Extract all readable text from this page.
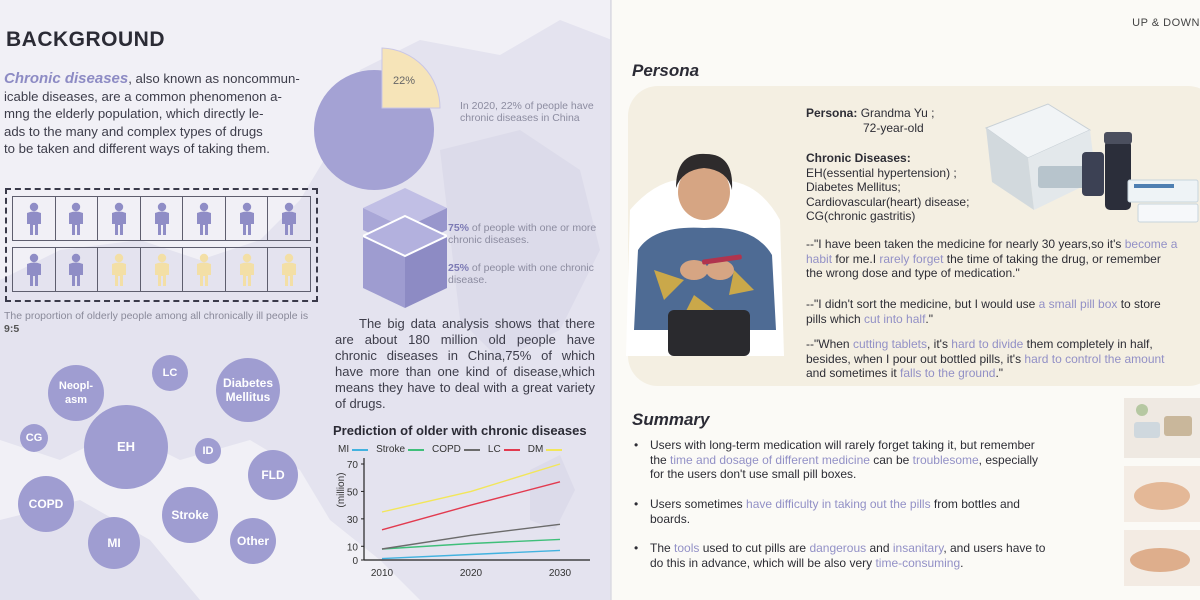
BACKGROUND
Chronic diseases, also known as noncommun-
icable diseases, are a common phenomenon a-
mng the elderly population, which directly le-
ads to the many and complex types of drugs
to be taken and different ways of taking them.
22%
In 2020, 22% of people have chronic diseases in China
75% of people with one or more chronic diseases.
25% of people with one chronic disease.
The proportion of olderly people among all chronically ill people is 9:5
Neopl-
asm
LC
Diabetes
Mellitus
CG
EH	ID
FLD
COPD
Stroke
MI	Other
The big data analysis shows that there are about 180 million old people have chronic diseases in China,75% of which have more than one kind of disease,which means they have to deal with a great variety of drugs.
Prediction of older with chronic diseases
MI	Stroke	COPD	LC	DM
0
10
30
50
70
2010	2020	2030
(million)
UP & DOWN
Persona
Persona: Grandma Yu ;
72-year-old
Chronic Diseases:
EH(essential hypertension) ;
Diabetes Mellitus;
Cardiovascular(heart) disease;
CG(chronic gastritis)
--"I have been taken the medicine for nearly 30 years,so it's become a
habit for me.I rarely forget the time of taking the drug, or remember
the wrong dose and type of medication."
--"I didn't sort the medicine, but I would use a small pill box to store
pills which cut into half."
--"When cutting tablets, it's hard to divide them completely in half,
besides, when I pour out bottled pills, it's hard to control the amount
and sometimes it falls to the ground."
Summary
• Users with long-term medication will rarely forget taking it, but remember
the time and dosage of different medicine can be troublesome, especially
for the users don't use small pill boxes.
• Users sometimes have difficulty in taking out the pills from bottles and
boards.
• The tools used to cut pills are dangerous and insanitary, and users have to
do this in advance, which will be also very time-consuming.
